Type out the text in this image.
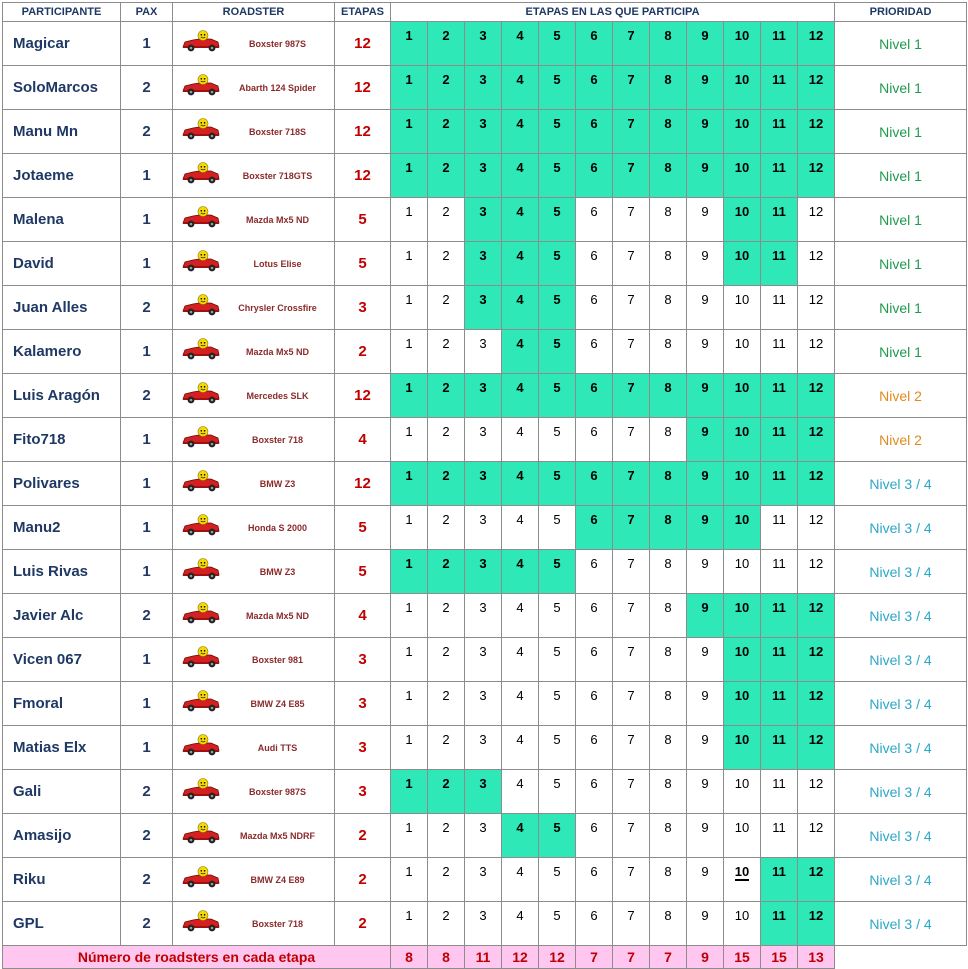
PARTICIPANTE	PAX	ROADSTER	ETAPAS	ETAPAS EN LAS QUE PARTICIPA												PRIORIDAD
Magicar	1	Boxster 987S	12	1	2	3	4	5	6	7	8	9	10	11	12	Nivel 1
SoloMarcos	2	Abarth 124 Spider	12	1	2	3	4	5	6	7	8	9	10	11	12	Nivel 1
Manu Mn	2	Boxster 718S	12	1	2	3	4	5	6	7	8	9	10	11	12	Nivel 1
Jotaeme	1	Boxster 718GTS	12	1	2	3	4	5	6	7	8	9	10	11	12	Nivel 1
Malena	1	Mazda Mx5 ND	5	1	2	3	4	5	6	7	8	9	10	11	12	Nivel 1
David	1	Lotus Elise	5	1	2	3	4	5	6	7	8	9	10	11	12	Nivel 1
Juan Alles	2	Chrysler Crossfire	3	1	2	3	4	5	6	7	8	9	10	11	12	Nivel 1
Kalamero	1	Mazda Mx5 ND	2	1	2	3	4	5	6	7	8	9	10	11	12	Nivel 1
Luis Aragón	2	Mercedes SLK	12	1	2	3	4	5	6	7	8	9	10	11	12	Nivel 2
Fito718	1	Boxster 718	4	1	2	3	4	5	6	7	8	9	10	11	12	Nivel 2
Polivares	1	BMW Z3	12	1	2	3	4	5	6	7	8	9	10	11	12	Nivel 3 / 4
Manu2	1	Honda S 2000	5	1	2	3	4	5	6	7	8	9	10	11	12	Nivel 3 / 4
Luis Rivas	1	BMW Z3	5	1	2	3	4	5	6	7	8	9	10	11	12	Nivel 3 / 4
Javier Alc	2	Mazda Mx5 ND	4	1	2	3	4	5	6	7	8	9	10	11	12	Nivel 3 / 4
Vicen 067	1	Boxster 981	3	1	2	3	4	5	6	7	8	9	10	11	12	Nivel 3 / 4
Fmoral	1	BMW Z4 E85	3	1	2	3	4	5	6	7	8	9	10	11	12	Nivel 3 / 4
Matias Elx	1	Audi TTS	3	1	2	3	4	5	6	7	8	9	10	11	12	Nivel 3 / 4
Gali	2	Boxster 987S	3	1	2	3	4	5	6	7	8	9	10	11	12	Nivel 3 / 4
Amasijo	2	Mazda Mx5 NDRF	2	1	2	3	4	5	6	7	8	9	10	11	12	Nivel 3 / 4
Riku	2	BMW Z4 E89	2	1	2	3	4	5	6	7	8	9	10	11	12	Nivel 3 / 4
GPL	2	Boxster 718	2	1	2	3	4	5	6	7	8	9	10	11	12	Nivel 3 / 4
Número de roadsters en cada etapa				8	8	11	12	12	7	7	7	9	15	15	13	
